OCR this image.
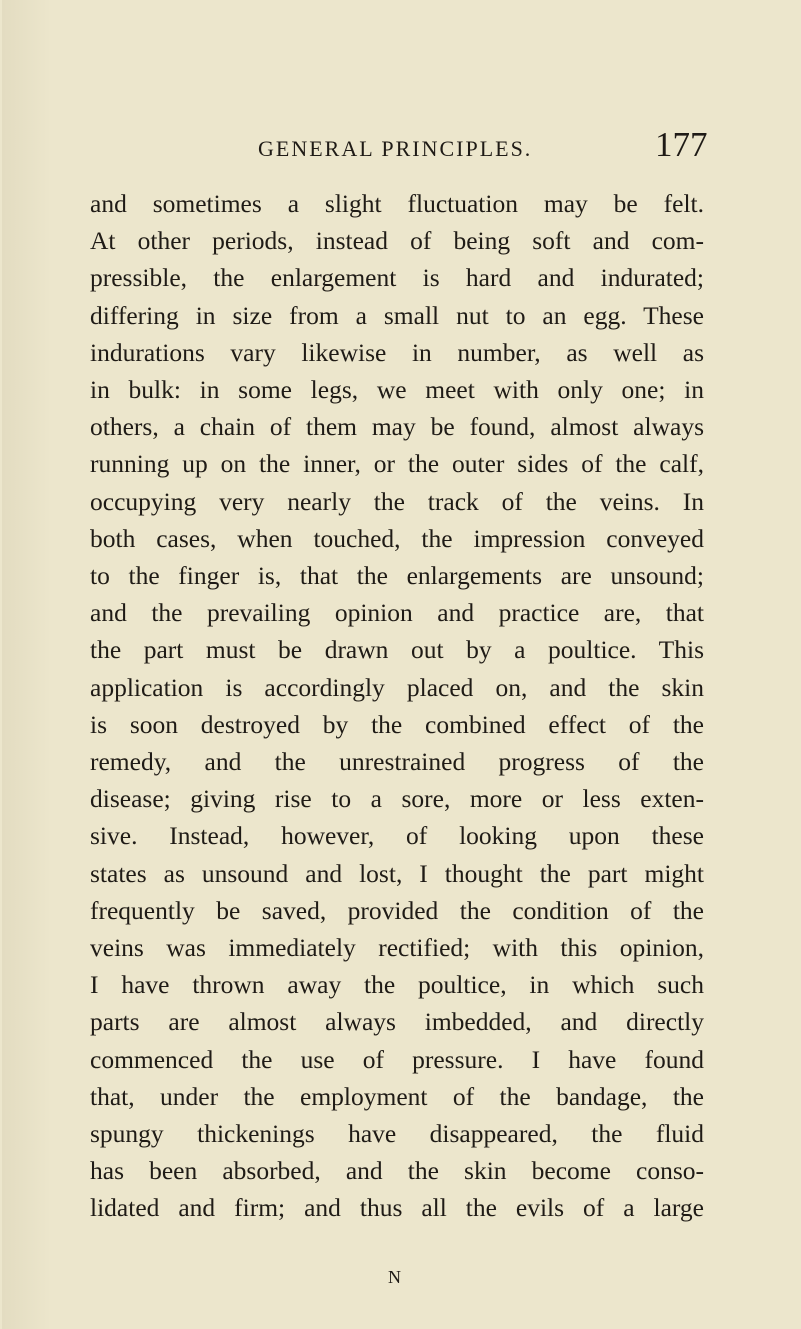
GENERAL PRINCIPLES.	177
and sometimes a slight fluctuation may be felt.
At other periods, instead of being soft and com-
pressible, the enlargement is hard and indurated;
differing in size from a small nut to an egg. These
indurations vary likewise in number, as well as
in bulk: in some legs, we meet with only one; in
others, a chain of them may be found, almost always
running up on the inner, or the outer sides of the calf,
occupying very nearly the track of the veins. In
both cases, when touched, the impression conveyed
to the finger is, that the enlargements are unsound;
and the prevailing opinion and practice are, that
the part must be drawn out by a poultice. This
application is accordingly placed on, and the skin
is soon destroyed by the combined effect of the
remedy, and the unrestrained progress of the
disease; giving rise to a sore, more or less exten-
sive. Instead, however, of looking upon these
states as unsound and lost, I thought the part might
frequently be saved, provided the condition of the
veins was immediately rectified; with this opinion,
I have thrown away the poultice, in which such
parts are almost always imbedded, and directly
commenced the use of pressure. I have found
that, under the employment of the bandage, the
spungy thickenings have disappeared, the fluid
has been absorbed, and the skin become conso-
lidated and firm; and thus all the evils of a large
N
